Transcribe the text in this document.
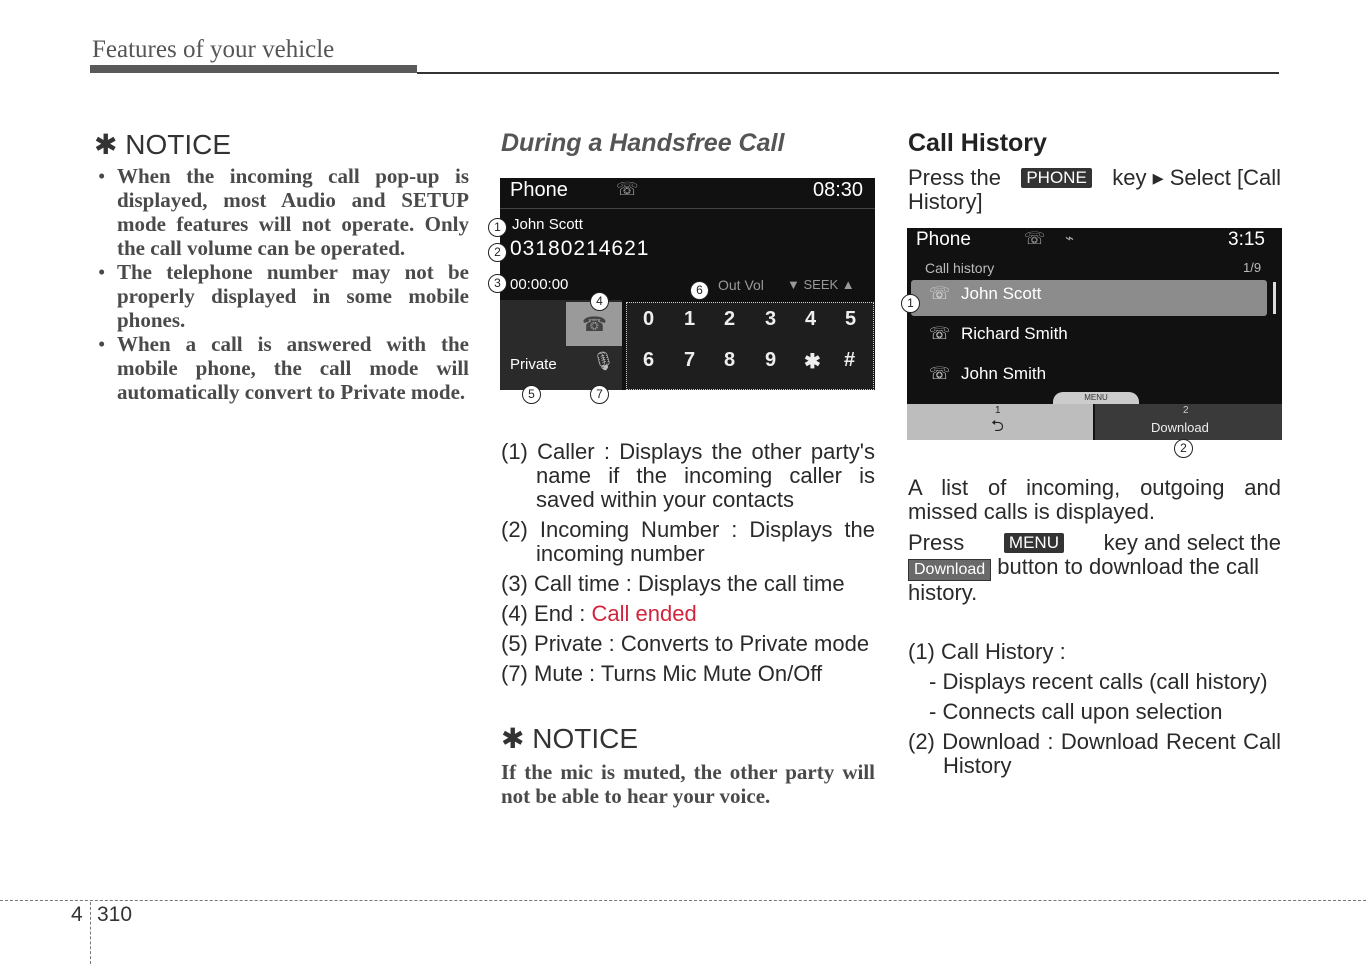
Features of your vehicle
✱ NOTICE
• When the incoming call pop-up is displayed, most Audio and SETUP mode features will not operate. Only the call volume can be operated.
• The telephone number may not be properly displayed in some mobile phones.
• When a call is answered with the mobile phone, the call mode will automatically convert to Private mode.
During a Handsfree Call
Phone	☏	08:30
John Scott
03180214621
00:00:00	Out Vol ▼ SEEK ▲
☎
Private 🎙
0 1 2 3 4 5
6 7 8 9 ✱ #
1
2
3
4
5
6
7
(1) Caller : Displays the other party's name if the incoming caller is saved within your contacts
(2) Incoming Number : Displays the incoming number
(3) Call time : Displays the call time
(4) End : Call ended
(5) Private : Converts to Private mode
(7) Mute : Turns Mic Mute On/Off
✱ NOTICE
If the mic is muted, the other party will not be able to hear your voice.
Call History
Press the PHONE key ▸ Select [Call
History]
Phone	☏ ⌁	3:15
Call history	1/9
☏ John Scott
☏ Richard Smith
☏ John Smith
MENU
1
⮌
2
Download
1
2
A list of incoming, outgoing and missed calls is displayed.
Press	MENU key and select the
Download button to download the call history.
(1) Call History :
- Displays recent calls (call history)
- Connects call upon selection
(2) Download : Download Recent Call History
4 310
